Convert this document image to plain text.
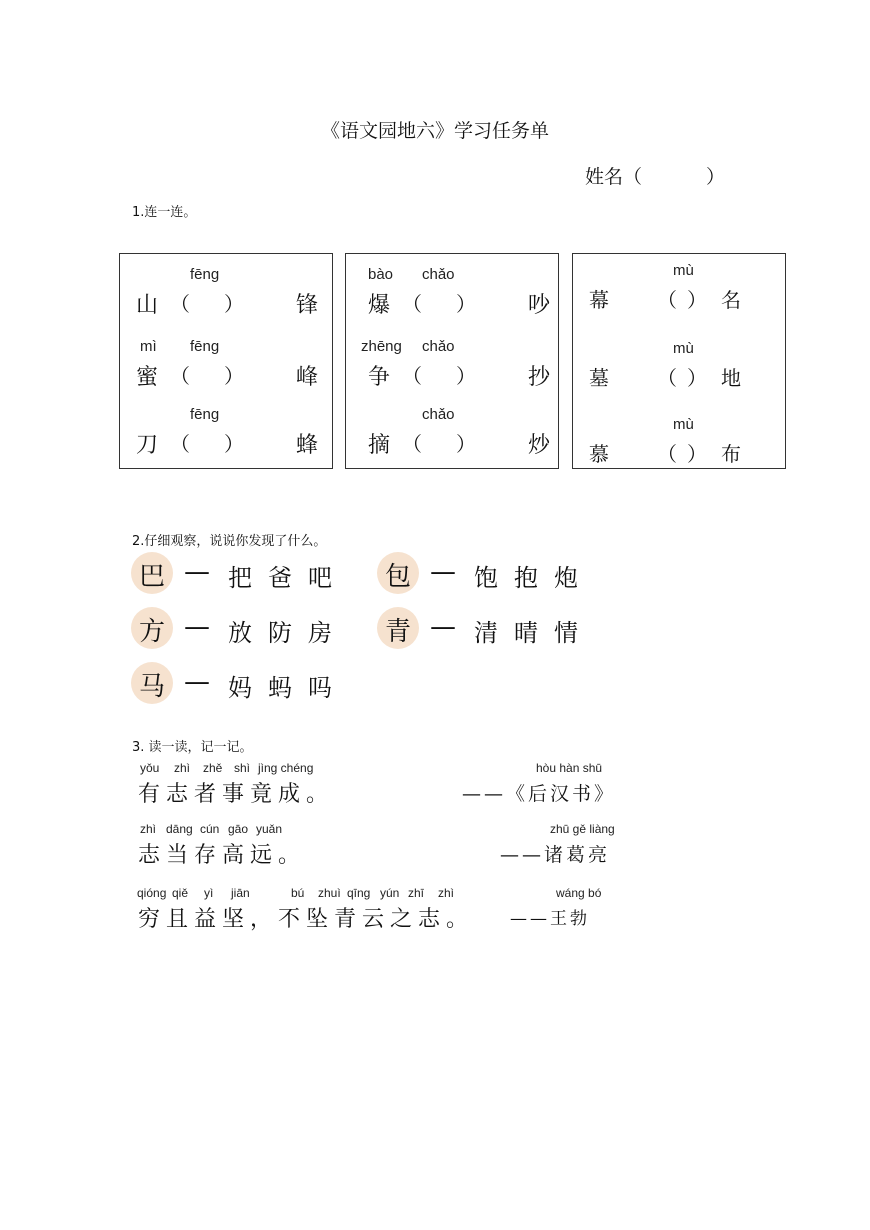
《语文园地六》学习任务单
姓名（	）
1.连一连。
fēng
山 （ ） 锋
mì fēng
蜜 （ ） 峰
fēng
刀 （ ） 蜂
bào chǎo
爆 （ ） 吵
zhēng chǎo
争 （ ） 抄
chǎo
摘 （ ） 炒
mù
幕 （ ） 名
mù
墓 （ ） 地
mù
慕 （ ） 布
2.仔细观察，说说你发现了什么。
巴 — 把爸吧 包 — 饱抱炮
方 — 放防房 青 — 清晴情
马 — 妈蚂吗
3. 读一读，记一记。
yǒu zhì zhě shì jìng chéng
有志者事竟成。
hòu hàn shū
——《后汉书》
zhì dāng cún gāo yuǎn
志当存高远。
zhū gě liàng
——诸葛亮
qióng qiě yì jiān	bú zhuì qīng yún zhī zhì
穷且益坚，不坠青云之志。
wáng bó
——王勃
